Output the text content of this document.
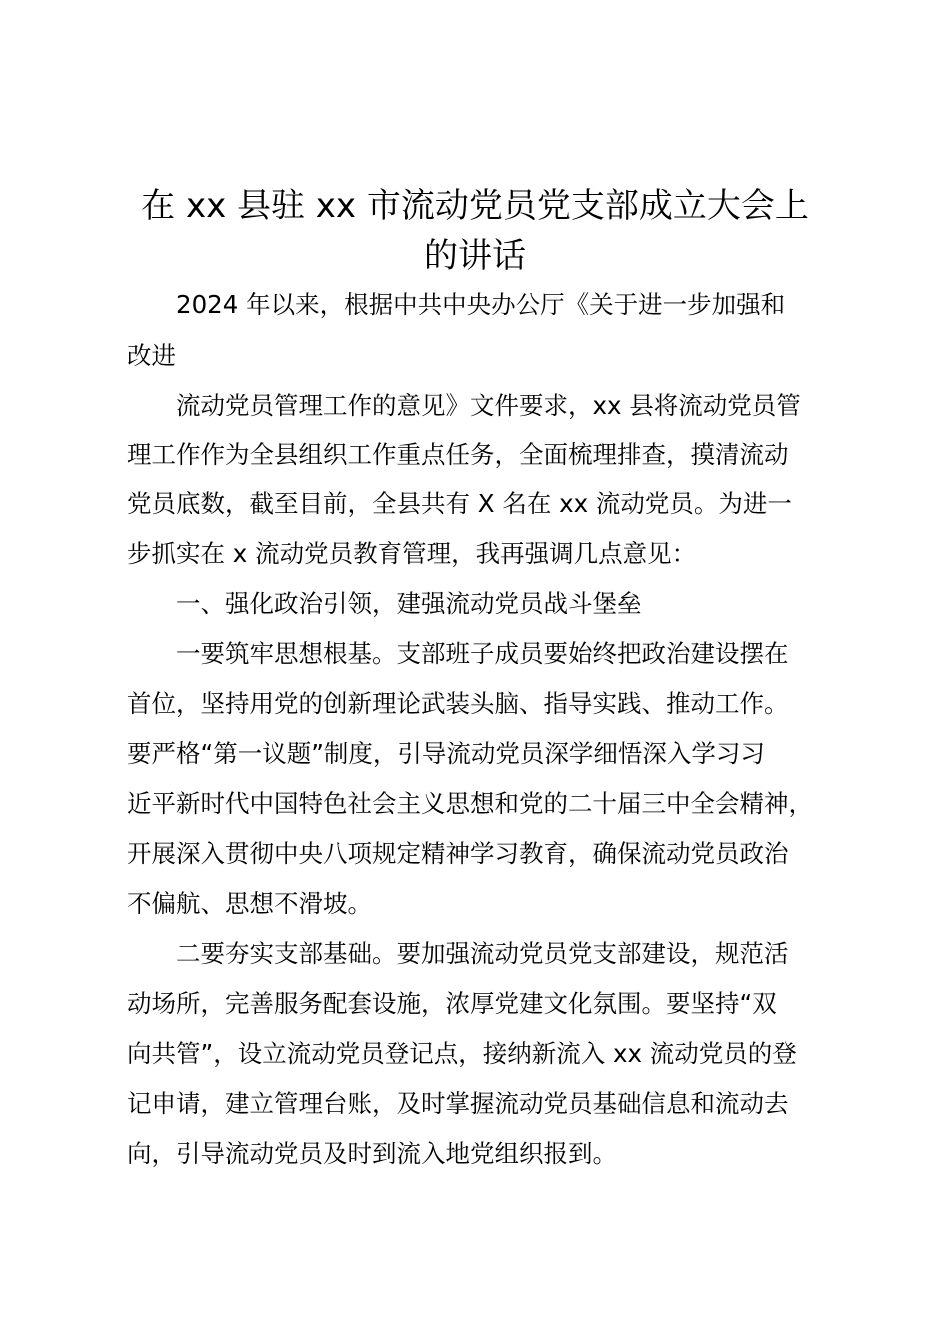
在 xx 县驻 xx 市流动党员党支部成立大会上
的讲话

2024 年以来，根据中共中央办公厅《关于进一步加强和

改进

流动党员管理工作的意见》文件要求，xx 县将流动党员管

理工作作为全县组织工作重点任务，全面梳理排查，摸清流动

党员底数，截至目前，全县共有 X 名在 xx 流动党员。为进一

步抓实在 x 流动党员教育管理，我再强调几点意见：

一、强化政治引领，建强流动党员战斗堡垒

一要筑牢思想根基。支部班子成员要始终把政治建设摆在

首位，坚持用党的创新理论武装头脑、指导实践、推动工作。

要严格“第一议题”制度，引导流动党员深学细悟深入学习习

近平新时代中国特色社会主义思想和党的二十届三中全会精神，

开展深入贯彻中央八项规定精神学习教育，确保流动党员政治

不偏航、思想不滑坡。

二要夯实支部基础。要加强流动党员党支部建设，规范活

动场所，完善服务配套设施，浓厚党建文化氛围。要坚持“双

向共管”，设立流动党员登记点，接纳新流入 xx 流动党员的登

记申请，建立管理台账，及时掌握流动党员基础信息和流动去

向，引导流动党员及时到流入地党组织报到。
